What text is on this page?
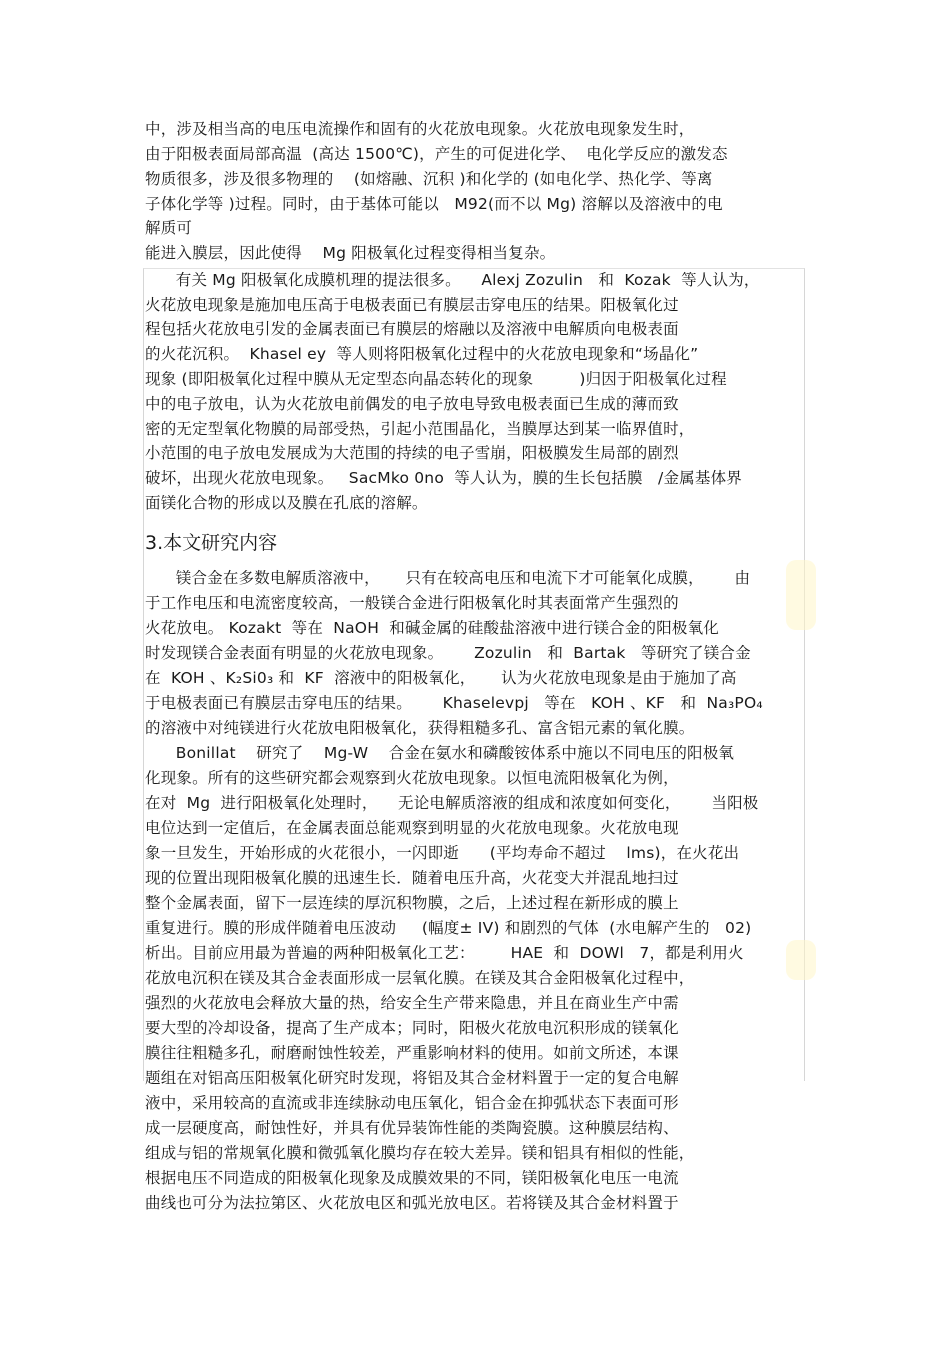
中，涉及相当高的电压电流操作和固有的火花放电现象。火花放电现象发生时，
由于阳极表面局部高温  (高达 1500℃)，产生的可促进化学、  电化学反应的激发态
物质很多，涉及很多物理的    (如熔融、沉积 )和化学的 (如电化学、热化学、等离
子体化学等 )过程。同时，由于基体可能以   M92(而不以 Mg) 溶解以及溶液中的电
解质可
能进入膜层，因此使得    Mg 阳极氧化过程变得相当复杂。
有关 Mg 阳极氧化成膜机理的提法很多。    Alexj Zozulin   和  Kozak  等人认为，
火花放电现象是施加电压高于电极表面已有膜层击穿电压的结果。阳极氧化过
程包括火花放电引发的金属表面已有膜层的熔融以及溶液中电解质向电极表面
的火花沉积。  Khasel ey  等人则将阳极氧化过程中的火花放电现象和“场晶化”
现象 (即阳极氧化过程中膜从无定型态向晶态转化的现象         )归因于阳极氧化过程
中的电子放电，认为火花放电前偶发的电子放电导致电极表面已生成的薄而致
密的无定型氧化物膜的局部受热，引起小范围晶化，当膜厚达到某一临界值时，
小范围的电子放电发展成为大范围的持续的电子雪崩，阳极膜发生局部的剧烈
破坏，出现火花放电现象。   SacMko 0no  等人认为，膜的生长包括膜   /金属基体界
面镁化合物的形成以及膜在孔底的溶解。
3.本文研究内容
镁合金在多数电解质溶液中，     只有在较高电压和电流下才可能氧化成膜，      由
于工作电压和电流密度较高，一般镁合金进行阳极氧化时其表面常产生强烈的
火花放电。 Kozakt  等在  NaOH  和碱金属的硅酸盐溶液中进行镁合金的阳极氧化
时发现镁合金表面有明显的火花放电现象。      Zozulin   和  Bartak   等研究了镁合金
在  KOH 、K₂Si0₃ 和  KF  溶液中的阳极氧化，     认为火花放电现象是由于施加了高
于电极表面已有膜层击穿电压的结果。      Khaselevpj   等在   KOH 、KF   和  Na₃PO₄
的溶液中对纯镁进行火花放电阳极氧化，获得粗糙多孔、富含铝元素的氧化膜。
Bonillat    研究了    Mg-W    合金在氨水和磷酸铵体系中施以不同电压的阳极氧
化现象。所有的这些研究都会观察到火花放电现象。以恒电流阳极氧化为例，
在对  Mg  进行阳极氧化处理时，    无论电解质溶液的组成和浓度如何变化，      当阳极
电位达到一定值后，在金属表面总能观察到明显的火花放电现象。火花放电现
象一旦发生，开始形成的火花很小，一闪即逝      (平均寿命不超过    lms)，在火花出
现的位置出现阳极氧化膜的迅速生长．随着电压升高，火花变大并混乱地扫过
整个金属表面，留下一层连续的厚沉积物膜，之后，上述过程在新形成的膜上
重复进行。膜的形成伴随着电压波动     (幅度± IV) 和剧烈的气体  (水电解产生的   02)
析出。目前应用最为普遍的两种阳极氧化工艺：       HAE  和  DOWl   7，都是利用火
花放电沉积在镁及其合金表面形成一层氧化膜。在镁及其合金阳极氧化过程中，
强烈的火花放电会释放大量的热，给安全生产带来隐患，并且在商业生产中需
要大型的冷却设备，提高了生产成本；同时，阳极火花放电沉积形成的镁氧化
膜往往粗糙多孔，耐磨耐蚀性较差，严重影响材料的使用。如前文所述，本课
题组在对铝高压阳极氧化研究时发现，将铝及其合金材料置于一定的复合电解
液中，采用较高的直流或非连续脉动电压氧化，铝合金在抑弧状态下表面可形
成一层硬度高，耐蚀性好，并具有优异装饰性能的类陶瓷膜。这种膜层结构、
组成与铝的常规氧化膜和微弧氧化膜均存在较大差异。镁和铝具有相似的性能，
根据电压不同造成的阳极氧化现象及成膜效果的不同，镁阳极氧化电压一电流
曲线也可分为法拉第区、火花放电区和弧光放电区。若将镁及其合金材料置于
